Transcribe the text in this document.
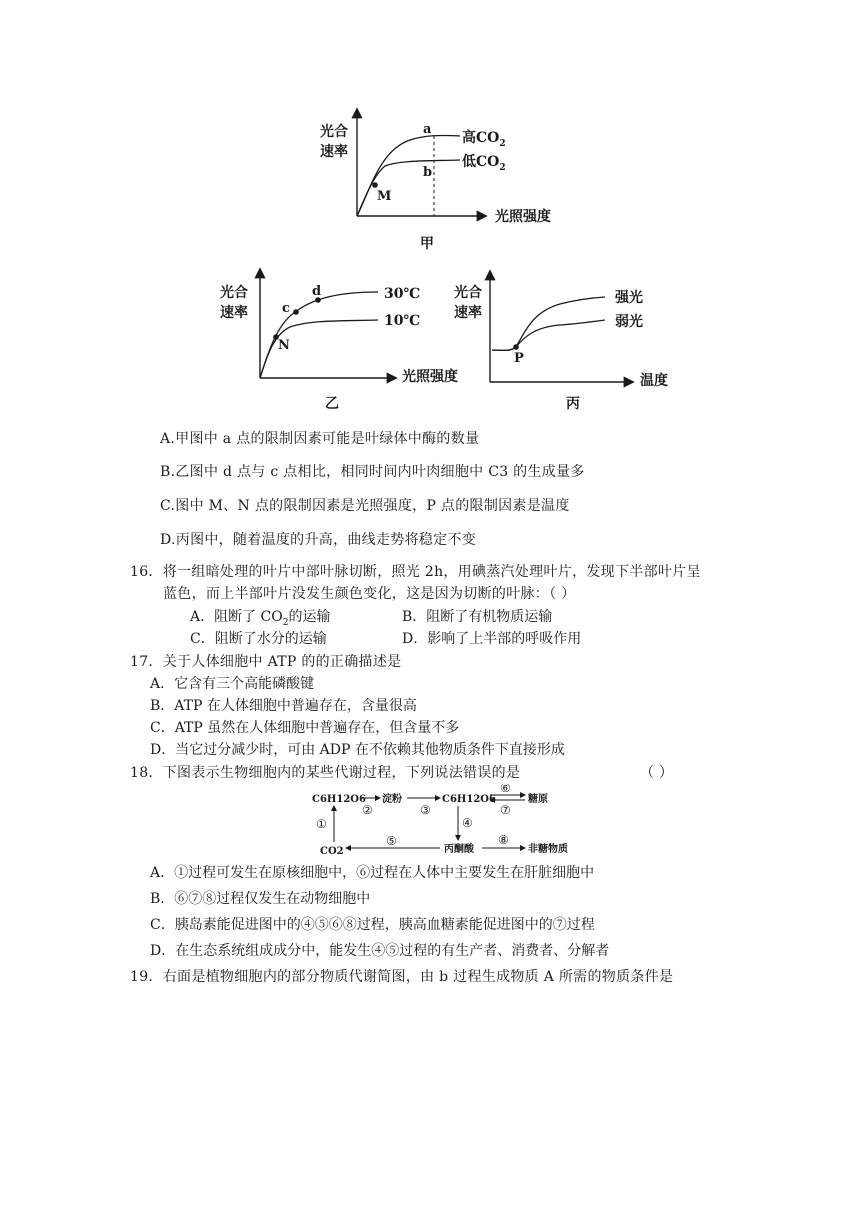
光合
速率
a
b
M
高$CO_2$
低$CO_2$
光照强度
甲
光合
速率	c
d
N
30℃
10℃
光照强度
乙
光合
速率
P
强光
弱光
温度
丙
A.甲图中 a 点的限制因素可能是叶绿体中酶的数量
B.乙图中 d 点与 c 点相比，相同时间内叶肉细胞中 C3 的生成量多
C.图中 M、N 点的限制因素是光照强度，P 点的限制因素是温度
D.丙图中，随着温度的升高，曲线走势将稳定不变
16．将一组暗处理的叶片中部叶脉切断，照光 2h，用碘蒸汽处理叶片，发现下半部叶片呈
蓝色，而上半部叶片没发生颜色变化，这是因为切断的叶脉：（ ）
A．阻断了 $CO_2$的运输	B．阻断了有机物质运输
C．阻断了水分的运输	D．影响了上半部的呼吸作用
17．关于人体细胞中 ATP 的的正确描述是
A．它含有三个高能磷酸键
B．ATP 在人体细胞中普遍存在，含量很高
C．ATP 虽然在人体细胞中普遍存在，但含量不多
D．当它过分减少时，可由 ADP 在不依赖其他物质条件下直接形成
18．下图表示生物细胞内的某些代谢过程，下列说法错误的是	（ ）
C6H12O6 淀粉	C6H12O6	糖原
CO2	丙酮酸	非糖物质
①
②	③
④
⑤
⑥
⑦
⑧
A．①过程可发生在原核细胞中，⑥过程在人体中主要发生在肝脏细胞中
B．⑥⑦⑧过程仅发生在动物细胞中
C．胰岛素能促进图中的④⑤⑥⑧过程，胰高血糖素能促进图中的⑦过程
D．在生态系统组成成分中，能发生④⑤过程的有生产者、消费者、分解者
19．右面是植物细胞内的部分物质代谢简图，由 b 过程生成物质 A 所需的物质条件是
